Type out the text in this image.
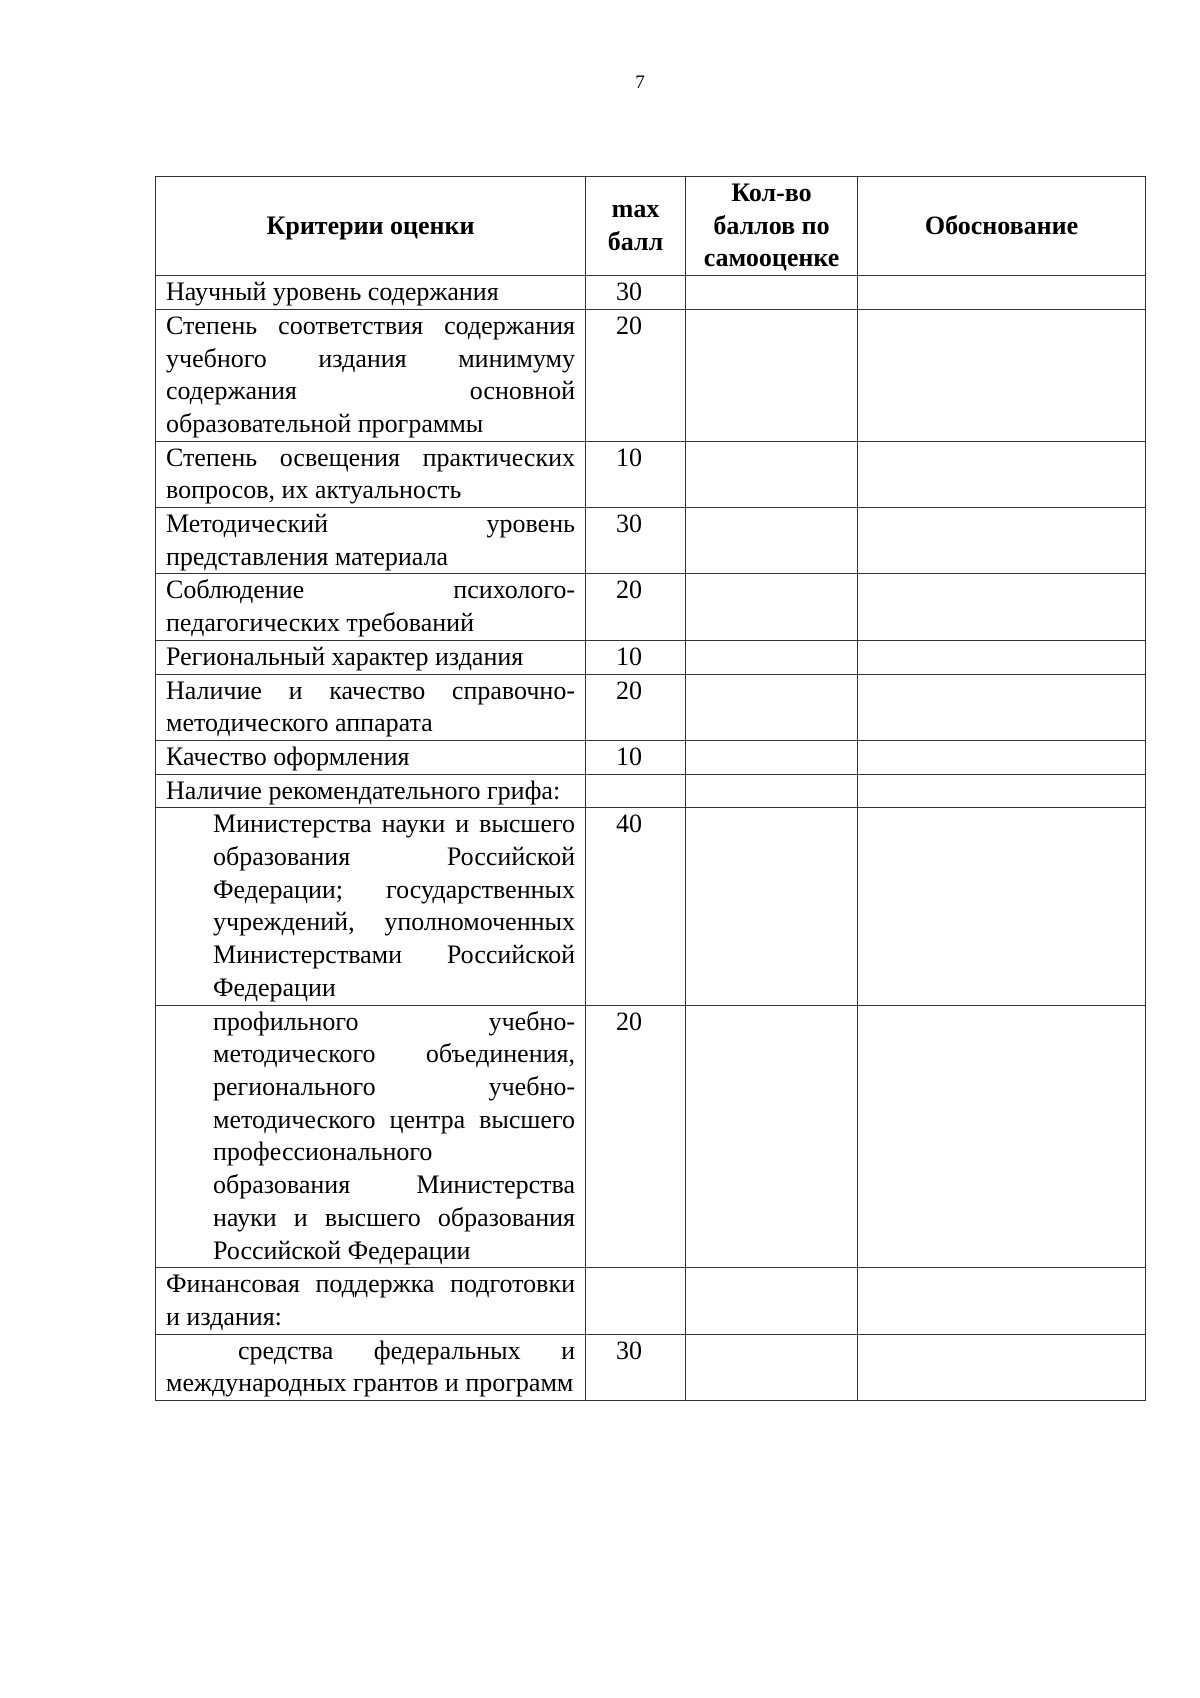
7
Критерии оценки	max балл	Кол-во баллов по самооценке	Обоснование
Научный уровень содержания	30		
Степень соответствия содержания учебного издания минимуму содержания основной образовательной программы	20		
Степень освещения практических вопросов, их актуальность	10		
Методический уровень представления материала	30		
Соблюдение психолого-педагогических требований	20		
Региональный характер издания	10		
Наличие и качество справочно-методического аппарата	20		
Качество оформления	10		
Наличие рекомендательного грифа:			
Министерства науки и высшего образования Российской Федерации; государственных учреждений, уполномоченных Министерствами Российской Федерации	40		
профильного учебно-методического объединения, регионального учебно-методического центра высшего профессионального образования Министерства науки и высшего образования Российской Федерации	20		
Финансовая поддержка подготовки и издания:			
средства федеральных и международных грантов и программ	30		
